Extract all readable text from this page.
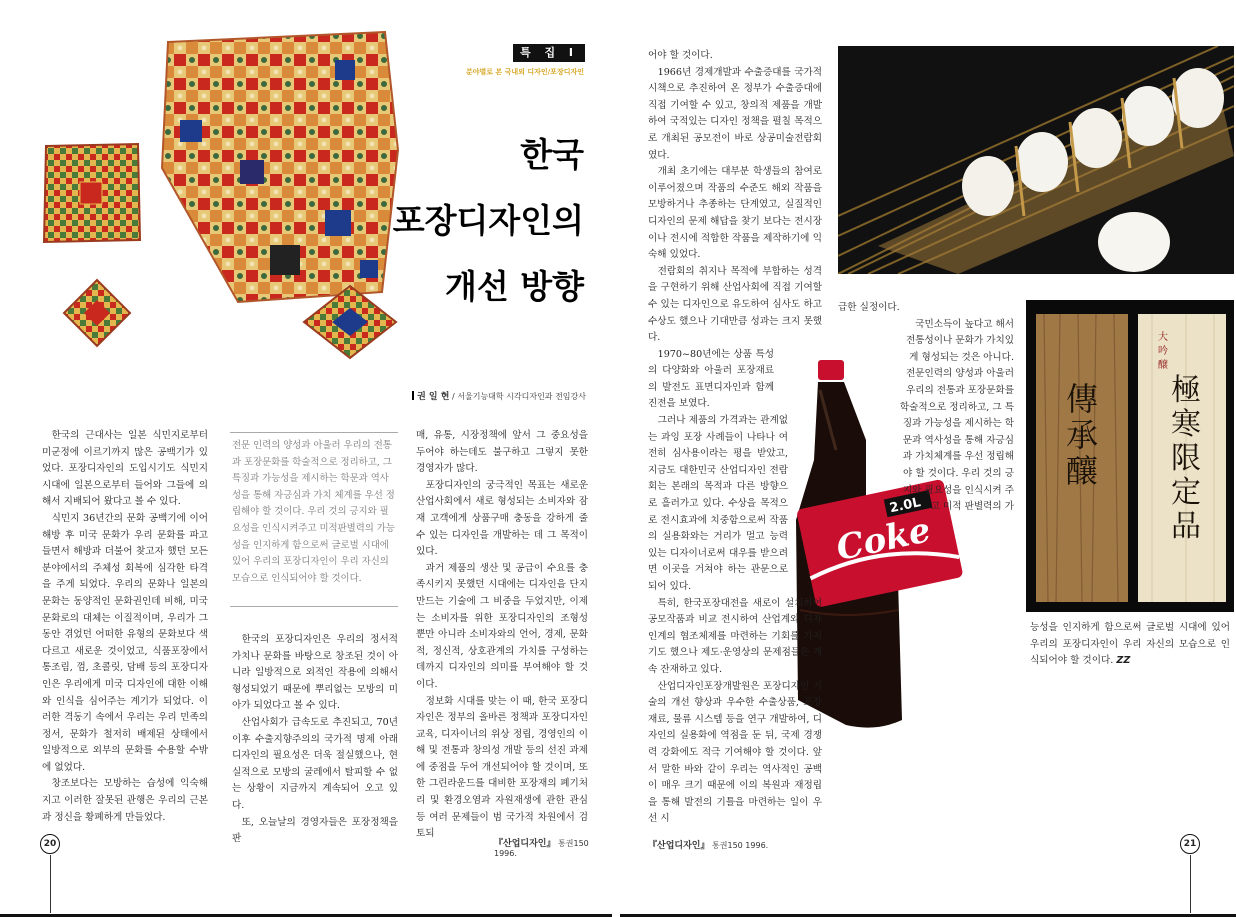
특 집 I
분야별로 본 국내외 디자인/포장디자인
한국
포장디자인의
개선 방향
권 일 현 / 서울기능대학 시각디자인과 전임강사

한국의 근대사는 일본 식민지로부터 미군정에 이르기까지 많은 공백기가 있었다. 포장디자인의 도입시기도 식민지 시대에 일본으로부터 들어와 그들에 의해서 지배되어 왔다고 볼 수 있다.

식민지 36년간의 문화 공백기에 이어 해방 후 미국 문화가 우리 문화를 파고 들면서 해방과 더불어 찾고자 했던 모든 분야에서의 주체성 회복에 심각한 타격을 주게 되었다. 우리의 문화나 일본의 문화는 동양적인 문화권인데 비해, 미국 문화로의 대체는 이질적이며, 우리가 그 동안 겪었던 어떠한 유형의 문화보다 색다르고 새로운 것이었고, 식품포장에서 통조림, 껌, 초콜릿, 담배 등의 포장디자인은 우리에게 미국 디자인에 대한 이해와 인식을 심어주는 계기가 되었다. 이러한 격동기 속에서 우리는 우리 민족의 정서, 문화가 철저히 배제된 상태에서 일방적으로 외부의 문화를 수용할 수밖에 없었다.

창조보다는 모방하는 습성에 익숙해지고 이러한 잘못된 관행은 우리의 근본과 정신을 황폐하게 만들었다.

전문 인력의 양성과 아울러 우리의 전통과 포장문화를 학술적으로 정리하고, 그 특징과 가능성을 제시하는 학문과 역사성을 통해 자긍심과 가치 체계를 우선 정립해야 할 것이다. 우리 것의 긍지와 필요성을 인식시켜주고 미적판별력의 가능성을 인지하게 함으로써 글로벌 시대에 있어 우리의 포장디자인이 우리 자신의 모습으로 인식되어야 할 것이다.

한국의 포장디자인은 우리의 정서적 가치나 문화를 바탕으로 창조된 것이 아니라 일방적으로 외적인 작용에 의해서 형성되었기 때문에 뿌리없는 모방의 미아가 되었다고 볼 수 있다.

산업사회가 급속도로 추진되고, 70년 이후 수출지향주의의 국가적 명제 아래 디자인의 필요성은 더욱 절실했으나, 현실적으로 모방의 굴레에서 탈피할 수 없는 상황이 지금까지 계속되어 오고 있다.

또, 오늘날의 경영자들은 포장정책을 판

매, 유통, 시장정책에 앞서 그 중요성을 두어야 하는데도 불구하고 그렇지 못한 경영자가 많다.

포장디자인의 궁극적인 목표는 새로운 산업사회에서 새로 형성되는 소비자와 잠재 고객에게 상품구매 충동을 강하게 줄 수 있는 디자인을 개발하는 데 그 목적이 있다.

과거 제품의 생산 및 공급이 수요를 충족시키지 못했던 시대에는 디자인을 단지 만드는 기술에 그 비중을 두었지만, 이제는 소비자를 위한 포장디자인의 조형성 뿐만 아니라 소비자와의 언어, 경제, 문화적, 정신적, 상호관계의 가치를 구성하는데까지 디자인의 의미를 부여해야 할 것이다.

정보화 시대를 맞는 이 때, 한국 포장디자인은 정부의 올바른 정책과 포장디자인 교육, 디자이너의 위상 정립, 경영인의 이해 및 전통과 창의성 개발 등의 선진 과제에 중점을 두어 개선되어야 할 것이며, 또한 그린라운드를 대비한 포장재의 폐기처리 및 환경오염과 자원재생에 관한 관심 등 여러 문제들이 범 국가적 차원에서 검토되

20	『산업디자인』 통권150 1996.
傳承釀
極寒限定品
大吟醸
Coke
2.0L

어야 할 것이다.

1966년 경제개발과 수출증대를 국가적 시책으로 추진하여 온 정부가 수출증대에 직접 기여할 수 있고, 창의적 제품을 개발하여 국적있는 디자인 정책을 펼칠 목적으로 개최된 공모전이 바로 상공미술전람회였다.

개최 초기에는 대부분 학생들의 참여로 이루어졌으며 작품의 수준도 해외 작품을 모방하거나 추종하는 단계였고, 실질적인 디자인의 문제 해답을 찾기 보다는 전시장이나 전시에 적합한 작품을 제작하기에 익숙해 있었다.

전람회의 취지나 목적에 부합하는 성격을 구현하기 위해 산업사회에 직접 기여할 수 있는 디자인으로 유도하여 심사도 하고 수상도 했으나 기대만큼 성과는 크지 못했다.

1970~80년에는 상품 특성의 다양화와 아울러 포장재료의 발전도 표면디자인과 함께 진전을 보였다.

그러나 제품의 가격과는 관계없는 과잉 포장 사례들이 나타나 여전히 심사용이라는 평을 받았고, 지금도 대한민국 산업디자인 전람회는 본래의 목적과 다른 방향으로 흘러가고 있다. 수상을 목적으로 전시효과에 치중함으로써 작품의 실용화와는 거리가 멀고 능력있는 디자이너로써 대우를 받으려면 이곳을 거쳐야 하는 관문으로 되어 있다.

특히, 한국포장대전을 새로이 설치하여 공모작품과 비교 전시하여 산업계와 디자인계의 협조체제를 마련하는 기회를 가지기도 했으나 제도·운영상의 문제점들은 계속 잔재하고 있다.

산업디자인포장개발원은 포장디자인 기술의 개선 향상과 우수한 수출상품, 포장재료, 물류 시스템 등을 연구 개발하여, 디자인의 실용화에 역점을 둔 뒤, 국제 경쟁력 강화에도 적극 기여해야 할 것이다. 앞서 말한 바와 같이 우리는 역사적인 공백이 매우 크기 때문에 이의 복원과 재정립을 통해 발전의 기틀을 마련하는 일이 우선 시

급한 실정이다.

국민소득이 높다고 해서 전통성이나 문화가 가치있게 형성되는 것은 아니다. 전문인력의 양성과 아울러 우리의 전통과 포장문화를 학술적으로 정리하고, 그 특징과 가능성을 제시하는 학문과 역사성을 통해 자긍심과 가치체계를 우선 정립해야 할 것이다. 우리 것의 긍지와 필요성을 인식시켜 주고 미적 판별력의 가

능성을 인지하게 함으로써 글로벌 시대에 있어 우리의 포장디자인이 우리 자신의 모습으로 인식되어야 할 것이다. ZZ

『산업디자인』 통권150 1996.	21
